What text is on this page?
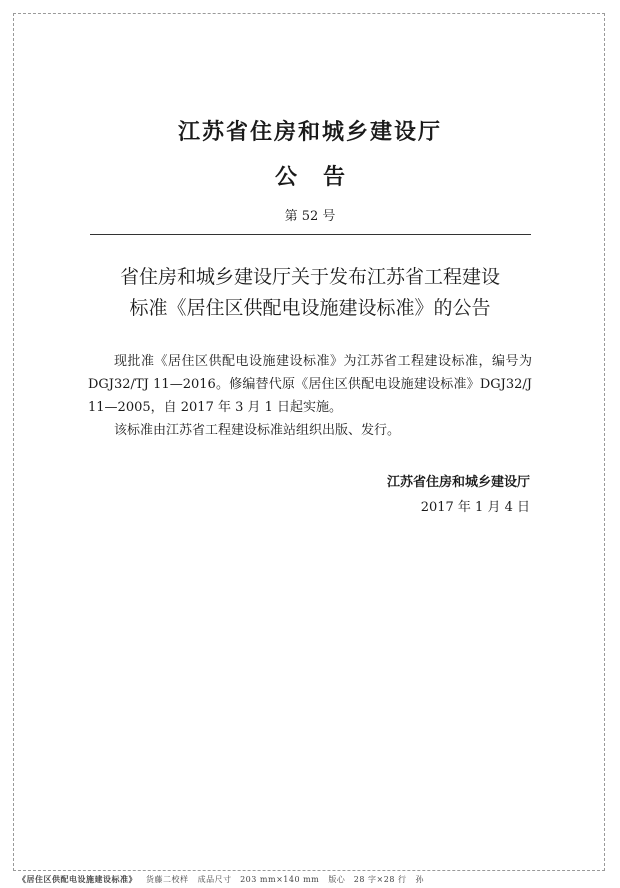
江苏省住房和城乡建设厅
公告
第 52 号
省住房和城乡建设厅关于发布江苏省工程建设
标准《居住区供配电设施建设标准》的公告

现批准《居住区供配电设施建设标准》为江苏省工程建设标准，编号为 DGJ32/TJ 11—2016。修编替代原《居住区供配电设施建设标准》DGJ32/J 11—2005，自 2017 年 3 月 1 日起实施。

该标准由江苏省工程建设标准站组织出版、发行。

江苏省住房和城乡建设厅
2017 年 1 月 4 日
《居住区供配电设施建设标准》 货藤二校样 成品尺寸　203 mm×140 mm 版心　28 字×28 行 孙
